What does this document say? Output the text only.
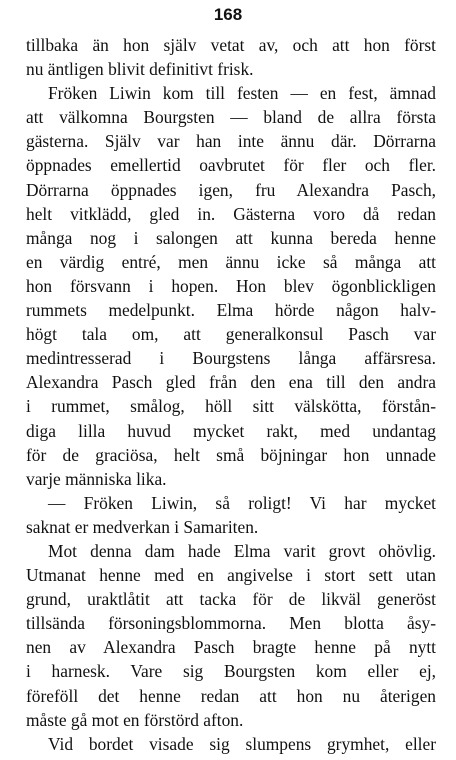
168
tillbaka än hon själv vetat av, och att hon först
nu äntligen blivit definitivt frisk.
Fröken Liwin kom till festen — en fest, ämnad
att välkomna Bourgsten — bland de allra första
gästerna. Själv var han inte ännu där. Dörrarna
öppnades emellertid oavbrutet för fler och fler.
Dörrarna öppnades igen, fru Alexandra Pasch,
helt vitklädd, gled in. Gästerna voro då redan
många nog i salongen att kunna bereda henne
en värdig entré, men ännu icke så många att
hon försvann i hopen. Hon blev ögonblickligen
rummets medelpunkt. Elma hörde någon halv-
högt tala om, att generalkonsul Pasch var
medintresserad i Bourgstens långa affärsresa.
Alexandra Pasch gled från den ena till den andra
i rummet, smålog, höll sitt välskötta, förstån-
diga lilla huvud mycket rakt, med undantag
för de graciösa, helt små böjningar hon unnade
varje människa lika.
— Fröken Liwin, så roligt! Vi har mycket
saknat er medverkan i Samariten.
Mot denna dam hade Elma varit grovt ohövlig.
Utmanat henne med en angivelse i stort sett utan
grund, uraktlåtit att tacka för de likväl generöst
tillsända försoningsblommorna. Men blotta åsy-
nen av Alexandra Pasch bragte henne på nytt
i harnesk. Vare sig Bourgsten kom eller ej,
föreföll det henne redan att hon nu återigen
måste gå mot en förstörd afton.
Vid bordet visade sig slumpens grymhet, eller
